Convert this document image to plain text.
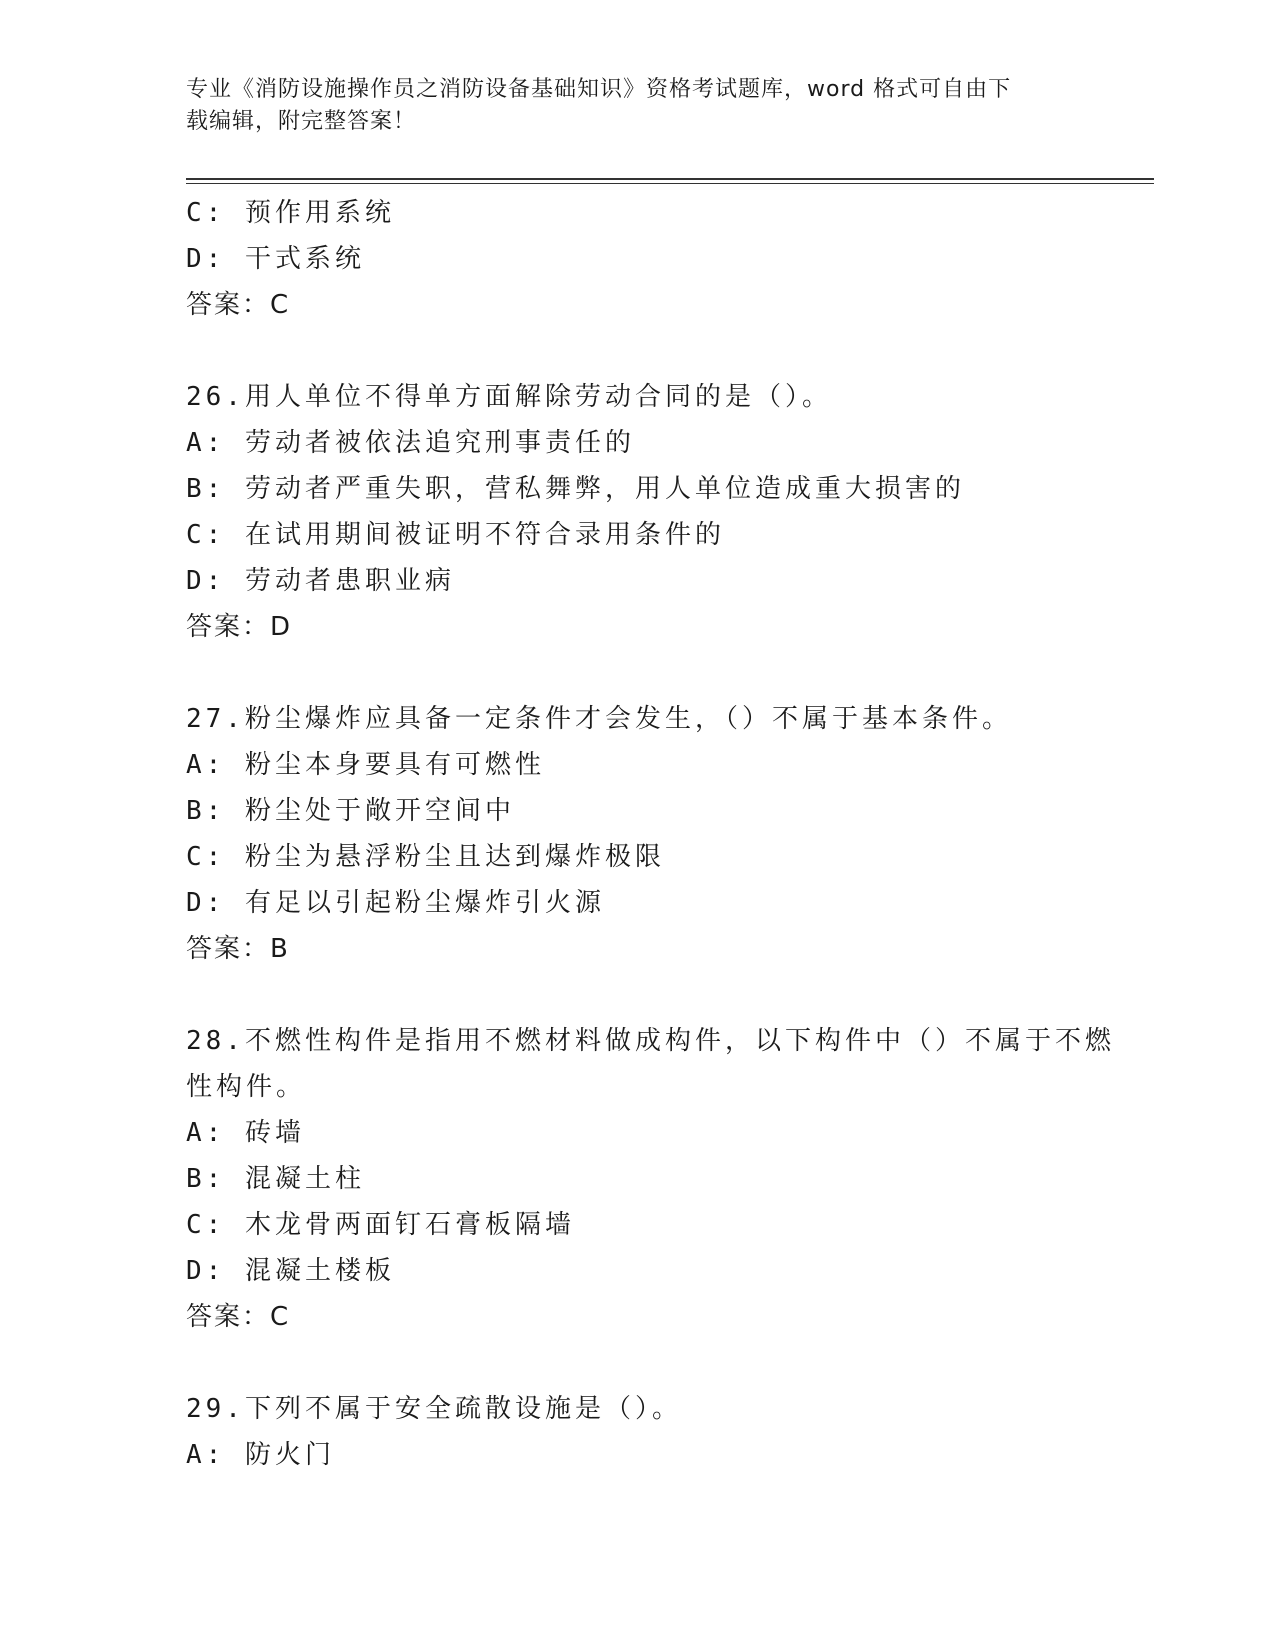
专业《消防设施操作员之消防设备基础知识》资格考试题库，word 格式可自由下
载编辑，附完整答案！
C: 预作用系统
D: 干式系统
答案：C
26.用人单位不得单方面解除劳动合同的是（）。
A: 劳动者被依法追究刑事责任的
B: 劳动者严重失职，营私舞弊，用人单位造成重大损害的
C: 在试用期间被证明不符合录用条件的
D: 劳动者患职业病
答案：D
27.粉尘爆炸应具备一定条件才会发生，（）不属于基本条件。
A: 粉尘本身要具有可燃性
B: 粉尘处于敞开空间中
C: 粉尘为悬浮粉尘且达到爆炸极限
D: 有足以引起粉尘爆炸引火源
答案：B
28.不燃性构件是指用不燃材料做成构件，以下构件中（）不属于不燃
性构件。
A: 砖墙
B: 混凝土柱
C: 木龙骨两面钉石膏板隔墙
D: 混凝土楼板
答案：C
29.下列不属于安全疏散设施是（）。
A: 防火门
